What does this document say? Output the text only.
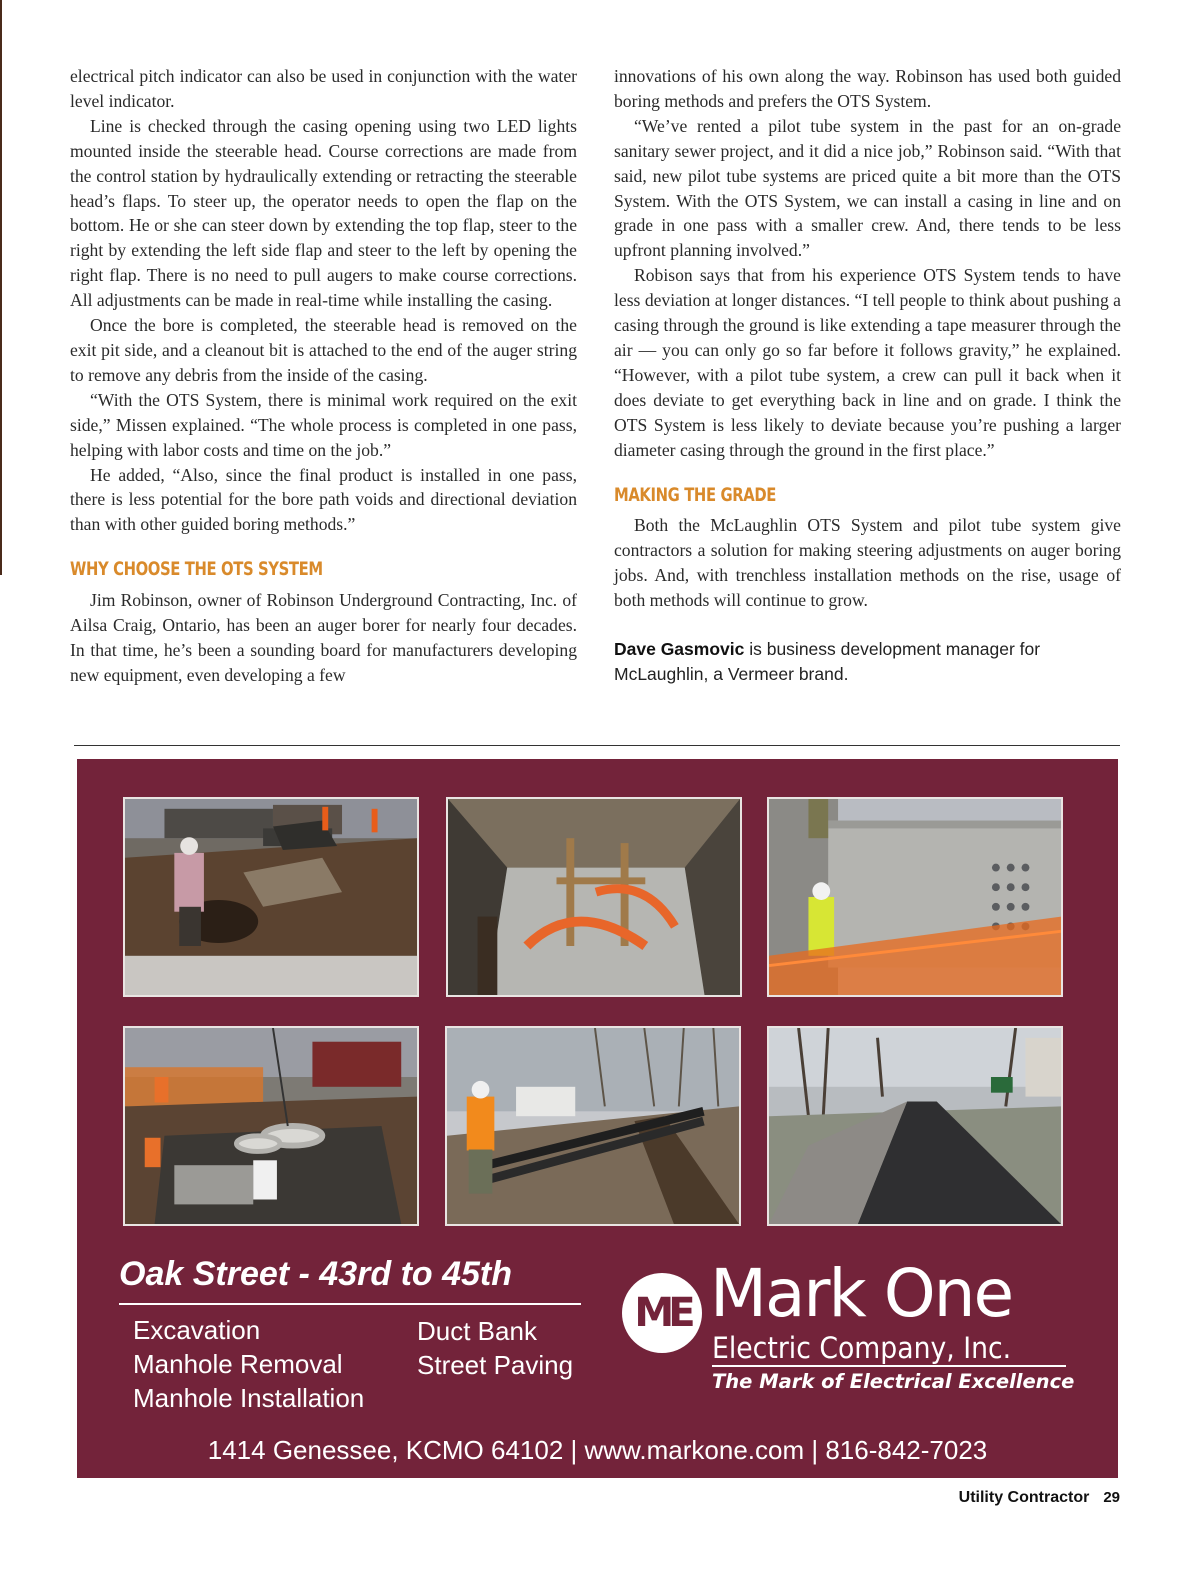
electrical pitch indicator can also be used in conjunction with the water level indicator.

Line is checked through the casing opening using two LED lights mounted inside the steerable head. Course corrections are made from the control station by hydraulically extending or retracting the steerable head’s flaps. To steer up, the operator needs to open the flap on the bottom. He or she can steer down by extending the top flap, steer to the right by extending the left side flap and steer to the left by opening the right flap. There is no need to pull augers to make course corrections. All adjustments can be made in real-time while installing the casing.

Once the bore is completed, the steerable head is removed on the exit pit side, and a cleanout bit is attached to the end of the auger string to remove any debris from the inside of the casing.

“With the OTS System, there is minimal work required on the exit side,” Missen explained. “The whole process is completed in one pass, helping with labor costs and time on the job.”

He added, “Also, since the final product is installed in one pass, there is less potential for the bore path voids and directional deviation than with other guided boring methods.”

WHY CHOOSE THE OTS SYSTEM

Jim Robinson, owner of Robinson Underground Contracting, Inc. of Ailsa Craig, Ontario, has been an auger borer for nearly four decades. In that time, he’s been a sounding board for manufacturers developing new equipment, even developing a few

innovations of his own along the way. Robinson has used both guided boring methods and prefers the OTS System.

“We’ve rented a pilot tube system in the past for an on-grade sanitary sewer project, and it did a nice job,” Robinson said. “With that said, new pilot tube systems are priced quite a bit more than the OTS System. With the OTS System, we can install a casing in line and on grade in one pass with a smaller crew. And, there tends to be less upfront planning involved.”

Robison says that from his experience OTS System tends to have less deviation at longer distances. “I tell people to think about pushing a casing through the ground is like extending a tape measurer through the air — you can only go so far before it follows gravity,” he explained. “However, with a pilot tube system, a crew can pull it back when it does deviate to get everything back in line and on grade. I think the OTS System is less likely to deviate because you’re pushing a larger diameter casing through the ground in the first place.”

MAKING THE GRADE

Both the McLaughlin OTS System and pilot tube system give contractors a solution for making steering adjustments on auger boring jobs. And, with trenchless installation methods on the rise, usage of both methods will continue to grow.

Dave Gasmovic is business development manager for McLaughlin, a Vermeer brand.

Oak Street - 43rd to 45th
Excavation
Manhole Removal
Manhole Installation
Duct Bank
Street Paving
ME Mark One
Electric Company, Inc.
The Mark of Electrical Excellence
1414 Genessee, KCMO 64102 | www.markone.com | 816-842-7023
Utility Contractor 29
